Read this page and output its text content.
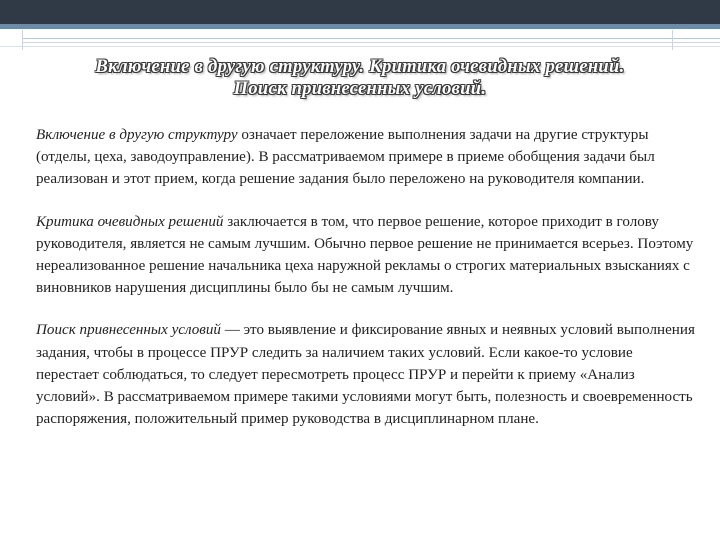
Включение в другую структуру. Критика очевидных решений.
Поиск привнесенных условий.

Включение в другую структуру означает переложение выполнения задачи на другие структуры (отделы, цеха, заводоуправление). В рассматриваемом примере в приеме обобщения задачи был реализован и этот прием, когда решение задания было переложено на руководителя компании.

Критика очевидных решений заключается в том, что первое решение, которое приходит в голову руководителя, является не самым лучшим. Обычно первое решение не принимается всерьез. Поэтому нереализованное решение начальника цеха наружной рекламы о строгих материальных взысканиях с виновников нарушения дисциплины было бы не самым лучшим.

Поиск привнесенных условий — это выявление и фиксирование явных и неявных условий выполнения задания, чтобы в процессе ПРУР следить за наличием таких условий. Если какое-то условие перестает соблюдаться, то следует пересмотреть процесс ПРУР и перейти к приему «Анализ условий». В рассматриваемом примере такими условиями могут быть, полезность и своевременность распоряжения, положительный пример руководства в дисциплинарном плане.
